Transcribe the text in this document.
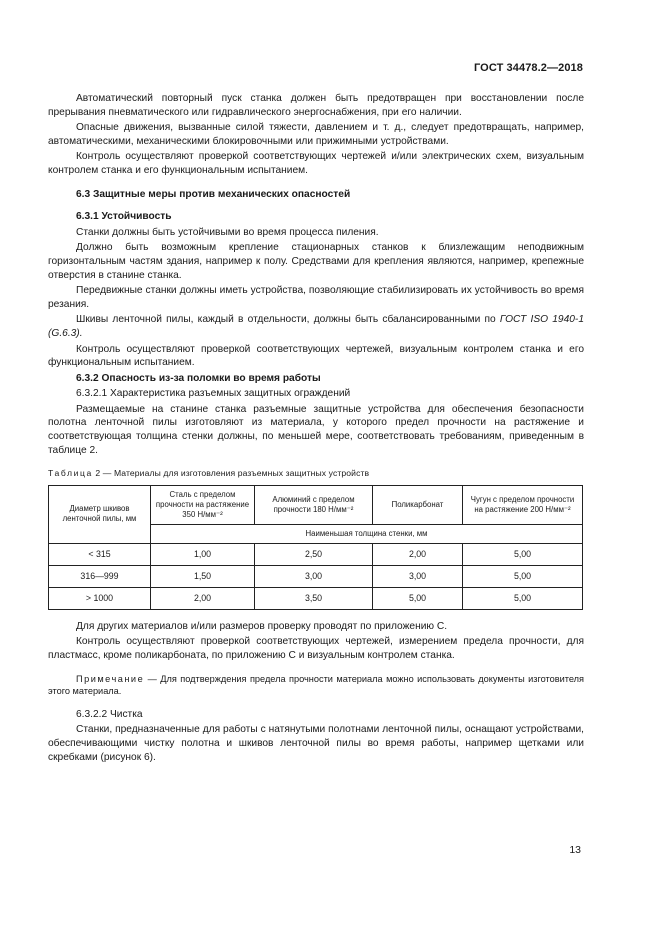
ГОСТ 34478.2—2018

Автоматический повторный пуск станка должен быть предотвращен при восстановлении после прерывания пневматического или гидравлического энергоснабжения, при его наличии.

Опасные движения, вызванные силой тяжести, давлением и т. д., следует предотвращать, например, автоматическими, механическими блокировочными или прижимными устройствами.

Контроль осуществляют проверкой соответствующих чертежей и/или электрических схем, визуальным контролем станка и его функциональным испытанием.

6.3 Защитные меры против механических опасностей
6.3.1 Устойчивость

Станки должны быть устойчивыми во время процесса пиления.

Должно быть возможным крепление стационарных станков к близлежащим неподвижным горизонтальным частям здания, например к полу. Средствами для крепления являются, например, крепежные отверстия в станине станка.

Передвижные станки должны иметь устройства, позволяющие стабилизировать их устойчивость во время резания.

Шкивы ленточной пилы, каждый в отдельности, должны быть сбалансированными по ГОСТ ISO 1940-1 (G.6.3).

Контроль осуществляют проверкой соответствующих чертежей, визуальным контролем станка и его функциональным испытанием.

6.3.2 Опасность из-за поломки во время работы

6.3.2.1 Характеристика разъемных защитных ограждений

Размещаемые на станине станка разъемные защитные устройства для обеспечения безопасности полотна ленточной пилы изготовляют из материала, у которого предел прочности на растяжение и соответствующая толщина стенки должны, по меньшей мере, соответствовать требованиям, приведенным в таблице 2.

Таблица 2 — Материалы для изготовления разъемных защитных устройств
Диаметр шкивов ленточной пилы, мм	Сталь с пределом прочности на растяжение 350 Н/мм⁻²	Алюминий с пределом прочности 180 Н/мм⁻²	Поликарбонат	Чугун с пределом прочности на растяжение 200 Н/мм⁻²
	Наименьшая толщина стенки, мм			
< 315	1,00	2,50	2,00	5,00
316—999	1,50	3,00	3,00	5,00
> 1000	2,00	3,50	5,00	5,00

Для других материалов и/или размеров проверку проводят по приложению С.

Контроль осуществляют проверкой соответствующих чертежей, измерением предела прочности, для пластмасс, кроме поликарбоната, по приложению С и визуальным контролем станка.

Примечание — Для подтверждения предела прочности материала можно использовать документы изготовителя этого материала.

6.3.2.2 Чистка

Станки, предназначенные для работы с натянутыми полотнами ленточной пилы, оснащают устройствами, обеспечивающими чистку полотна и шкивов ленточной пилы во время работы, например щетками или скребками (рисунок 6).

13
